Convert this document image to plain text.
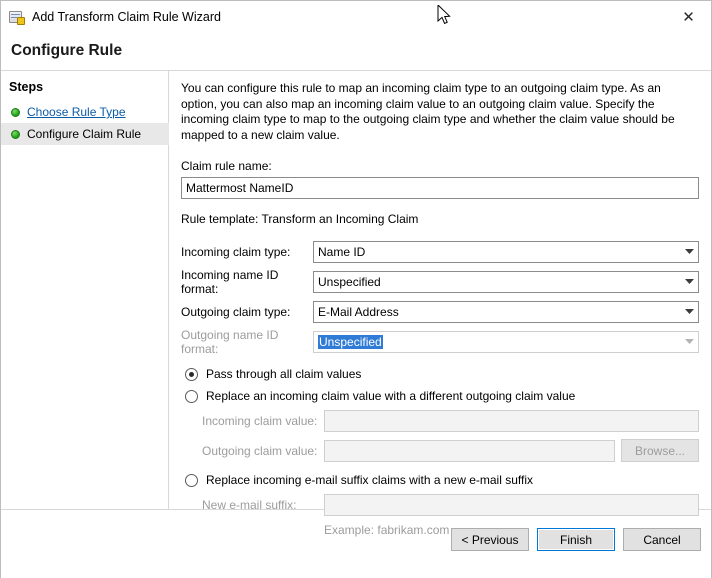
Add Transform Claim Rule Wizard	✕
Configure Rule
Steps
Choose Rule Type
Configure Claim Rule

You can configure this rule to map an incoming claim type to an outgoing claim type. As an option, you can also map an incoming claim value to an outgoing claim value. Specify the incoming claim type to map to the outgoing claim type and whether the claim value should be mapped to a new claim value.

Claim rule name:
Mattermost NameID
Rule template: Transform an Incoming Claim
Incoming claim type:	Name ID
Incoming name ID format:	Unspecified
Outgoing claim type:	E-Mail Address
Outgoing name ID format:	Unspecified
Pass through all claim values
Replace an incoming claim value with a different outgoing claim value
Incoming claim value:
Outgoing claim value:	Browse...
Replace incoming e-mail suffix claims with a new e-mail suffix
New e-mail suffix:
Example: fabrikam.com
< Previous	Finish	Cancel
